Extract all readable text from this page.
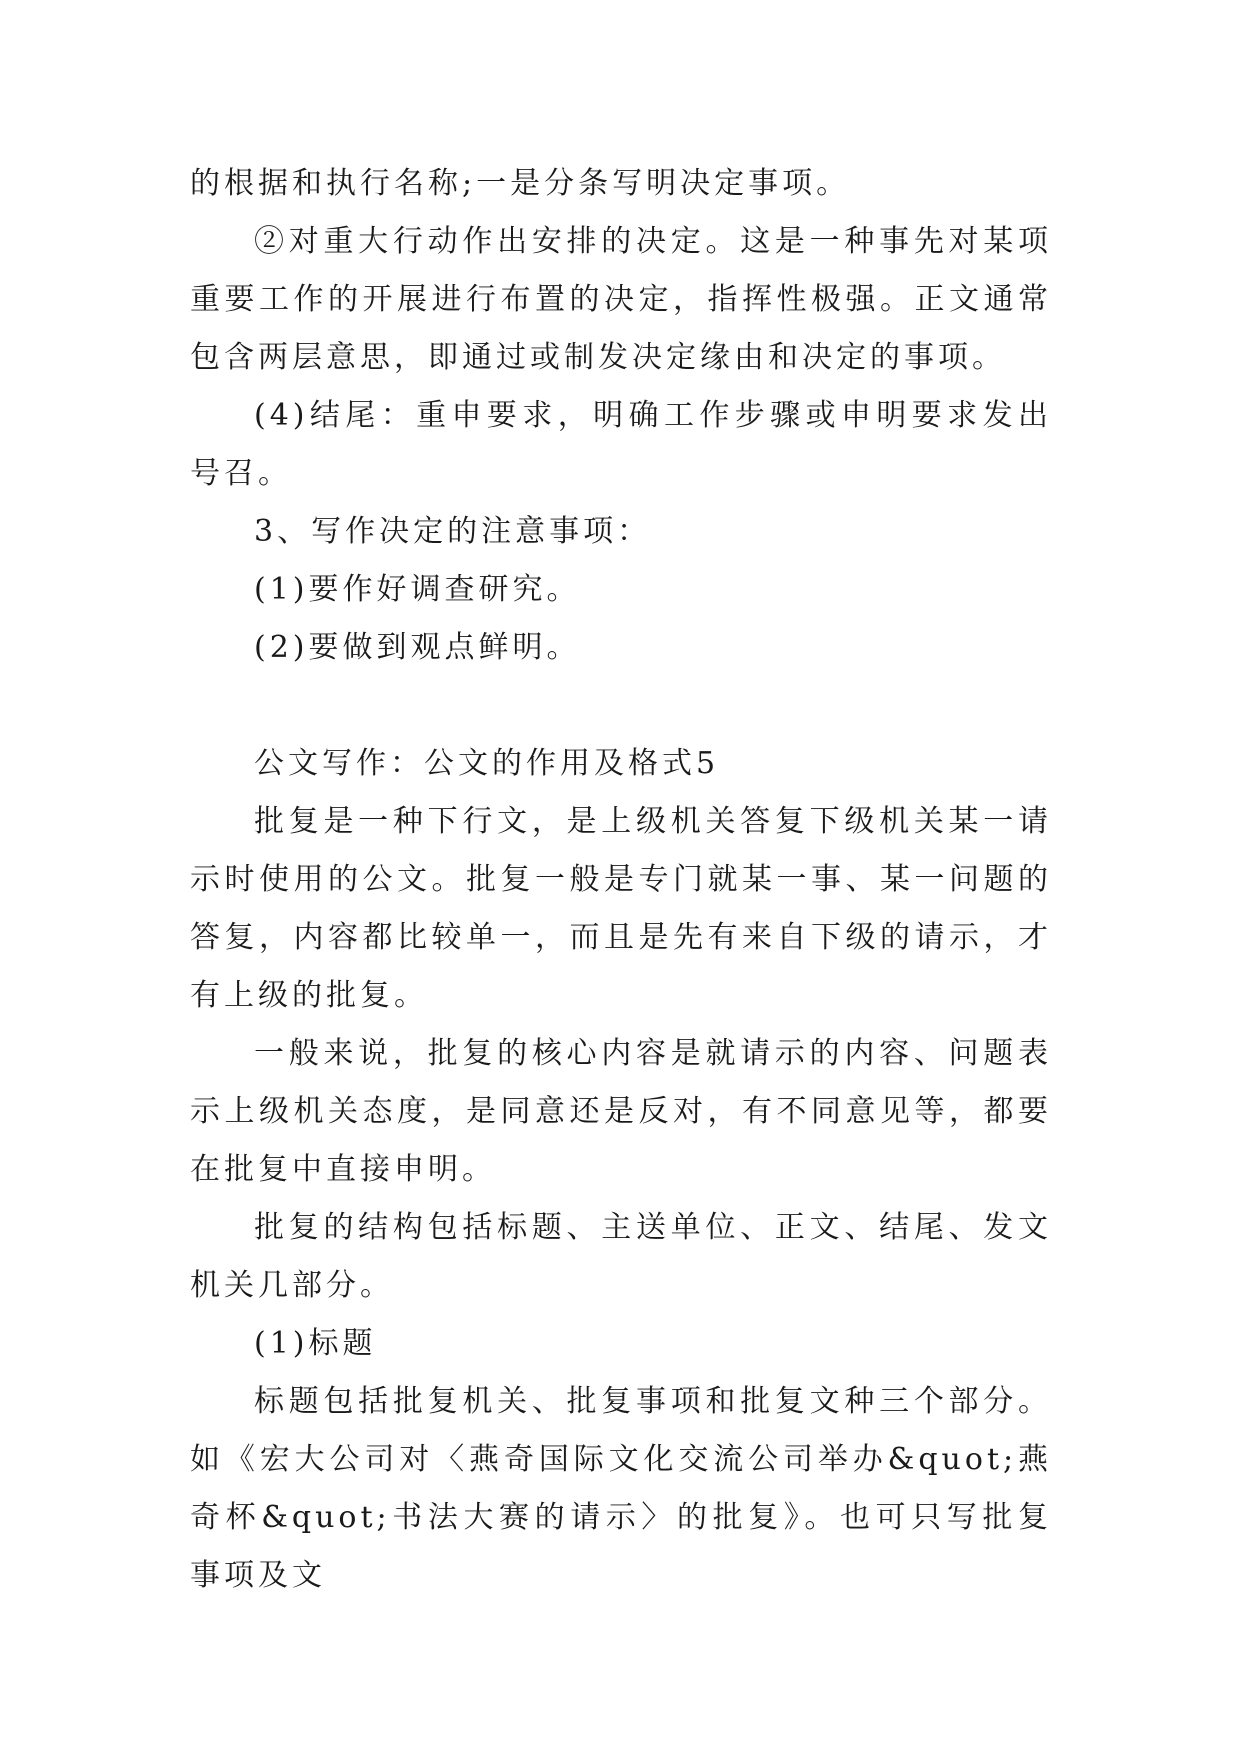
的根据和执行名称;一是分条写明决定事项。

②对重大行动作出安排的决定。这是一种事先对某项重要工作的开展进行布置的决定，指挥性极强。正文通常包含两层意思，即通过或制发决定缘由和决定的事项。

(4)结尾：重申要求，明确工作步骤或申明要求发出号召。

3、写作决定的注意事项：

(1)要作好调查研究。

(2)要做到观点鲜明。

公文写作：公文的作用及格式5

批复是一种下行文，是上级机关答复下级机关某一请示时使用的公文。批复一般是专门就某一事、某一问题的答复，内容都比较单一，而且是先有来自下级的请示，才有上级的批复。

一般来说，批复的核心内容是就请示的内容、问题表示上级机关态度，是同意还是反对，有不同意见等，都要在批复中直接申明。

批复的结构包括标题、主送单位、正文、结尾、发文机关几部分。

(1)标题

标题包括批复机关、批复事项和批复文种三个部分。如《宏大公司对〈燕奇国际文化交流公司举办&quot;燕奇杯&quot;书法大赛的请示〉的批复》。也可只写批复事项及文
